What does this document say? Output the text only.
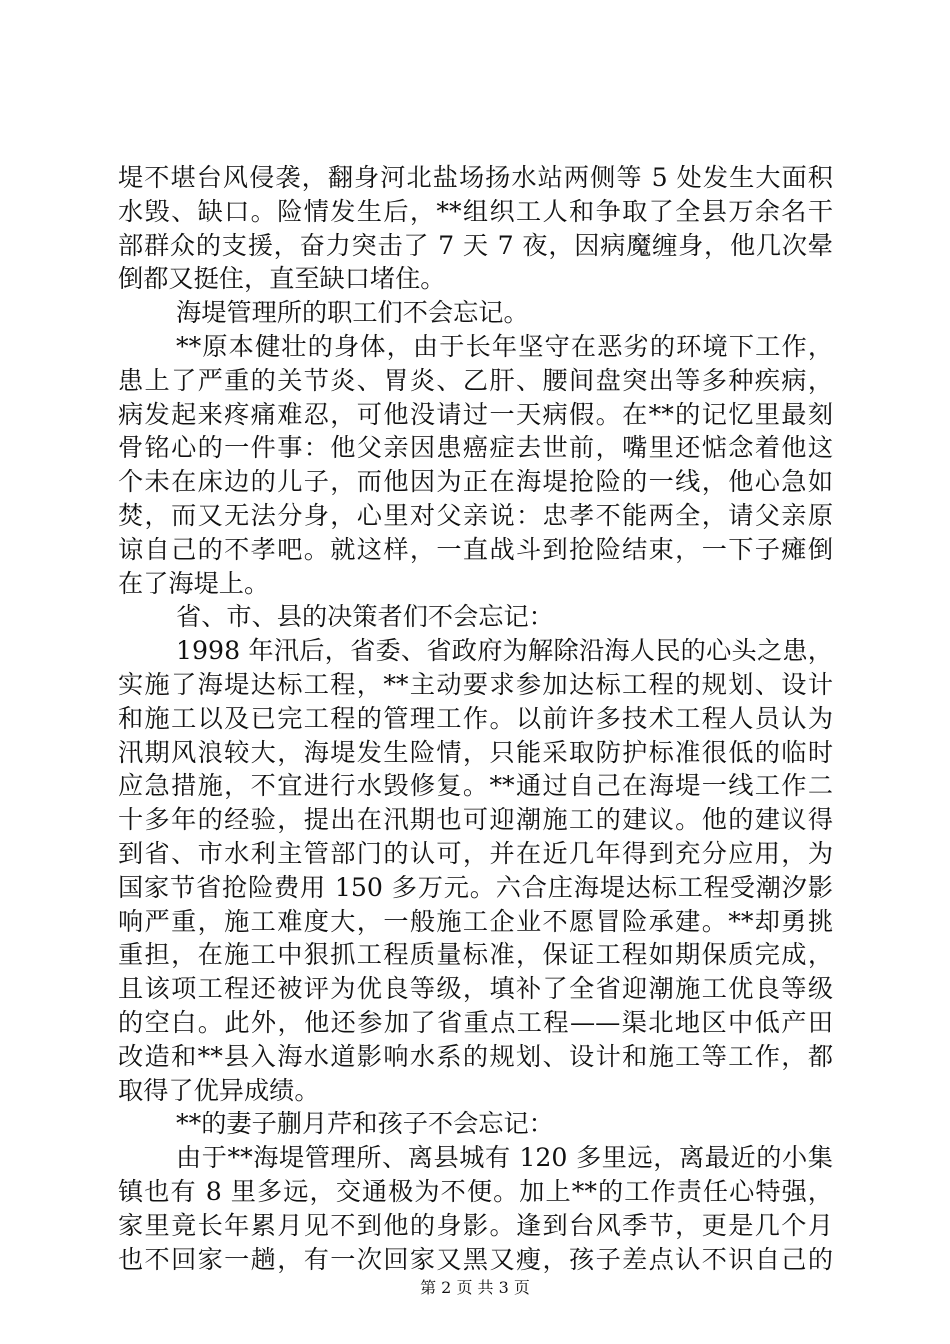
堤不堪台风侵袭，翻身河北盐场扬水站两侧等 5 处发生大面积
水毁、缺口。险情发生后，**组织工人和争取了全县万余名干
部群众的支援，奋力突击了 7 天 7 夜，因病魔缠身，他几次晕
倒都又挺住，直至缺口堵住。
海堤管理所的职工们不会忘记。
**原本健壮的身体，由于长年坚守在恶劣的环境下工作，
患上了严重的关节炎、胃炎、乙肝、腰间盘突出等多种疾病，
病发起来疼痛难忍，可他没请过一天病假。在**的记忆里最刻
骨铭心的一件事：他父亲因患癌症去世前，嘴里还惦念着他这
个未在床边的儿子，而他因为正在海堤抢险的一线，他心急如
焚，而又无法分身，心里对父亲说：忠孝不能两全，请父亲原
谅自己的不孝吧。就这样，一直战斗到抢险结束，一下子瘫倒
在了海堤上。
省、市、县的决策者们不会忘记：
1998 年汛后，省委、省政府为解除沿海人民的心头之患，
实施了海堤达标工程，**主动要求参加达标工程的规划、设计
和施工以及已完工程的管理工作。以前许多技术工程人员认为
汛期风浪较大，海堤发生险情，只能采取防护标准很低的临时
应急措施，不宜进行水毁修复。**通过自己在海堤一线工作二
十多年的经验，提出在汛期也可迎潮施工的建议。他的建议得
到省、市水利主管部门的认可，并在近几年得到充分应用，为
国家节省抢险费用 150 多万元。六合庄海堤达标工程受潮汐影
响严重，施工难度大，一般施工企业不愿冒险承建。**却勇挑
重担，在施工中狠抓工程质量标准，保证工程如期保质完成，
且该项工程还被评为优良等级，填补了全省迎潮施工优良等级
的空白。此外，他还参加了省重点工程——渠北地区中低产田
改造和**县入海水道影响水系的规划、设计和施工等工作，都
取得了优异成绩。
**的妻子蒯月芹和孩子不会忘记：
由于**海堤管理所、离县城有 120 多里远，离最近的小集
镇也有 8 里多远，交通极为不便。加上**的工作责任心特强，
家里竟长年累月见不到他的身影。逢到台风季节，更是几个月
也不回家一趟，有一次回家又黑又瘦，孩子差点认不识自己的
第 2 页 共 3 页
